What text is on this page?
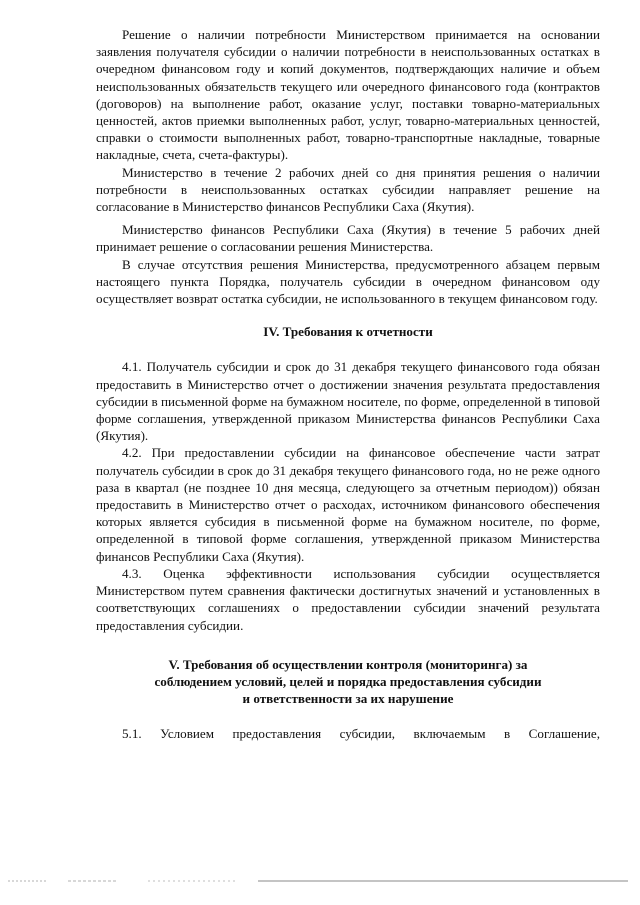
Решение о наличии потребности Министерством принимается на основании заявления получателя субсидии о наличии потребности в неиспользованных остатках в очередном финансовом году и копий документов, подтверждающих наличие и объем неиспользованных обязательств текущего или очередного финансового года (контрактов (договоров) на выполнение работ, оказание услуг, поставки товарно-материальных ценностей, актов приемки выполненных работ, услуг, товарно-материальных ценностей, справки о стоимости выполненных работ, товарно-транспортные накладные, товарные накладные, счета, счета-фактуры).

Министерство в течение 2 рабочих дней со дня принятия решения о наличии потребности в неиспользованных остатках субсидии направляет решение на согласование в Министерство финансов Республики Саха (Якутия).

Министерство финансов Республики Саха (Якутия) в течение 5 рабочих дней принимает решение о согласовании решения Министерства.

В случае отсутствия решения Министерства, предусмотренного абзацем первым настоящего пункта Порядка, получатель субсидии в очередном финансовом оду осуществляет возврат остатка субсидии, не использованного в текущем финансовом году.

IV. Требования к отчетности

4.1. Получатель субсидии и срок до 31 декабря текущего финансового года обязан предоставить в Министерство отчет о достижении значения результата предоставления субсидии в письменной форме на бумажном носителе, по форме, определенной в типовой форме соглашения, утвержденной приказом Министерства финансов Республики Саха (Якутия).

4.2. При предоставлении субсидии на финансовое обеспечение части затрат получатель субсидии в срок до 31 декабря текущего финансового года, но не реже одного раза в квартал (не позднее 10 дня месяца, следующего за отчетным периодом)) обязан предоставить в Министерство отчет о расходах, источником финансового обеспечения которых является субсидия в письменной форме на бумажном носителе, по форме, определенной в типовой форме соглашения, утвержденной приказом Министерства финансов Республики Саха (Якутия).

4.3. Оценка эффективности использования субсидии осуществляется Министерством путем сравнения фактически достигнутых значений и установленных в соответствующих соглашениях о предоставлении субсидии значений результата предоставления субсидии.

V. Требования об осуществлении контроля (мониторинга) за
соблюдением условий, целей и порядка предоставления субсидии
и ответственности за их нарушение

5.1. Условием предоставления субсидии, включаемым в Соглашение,
